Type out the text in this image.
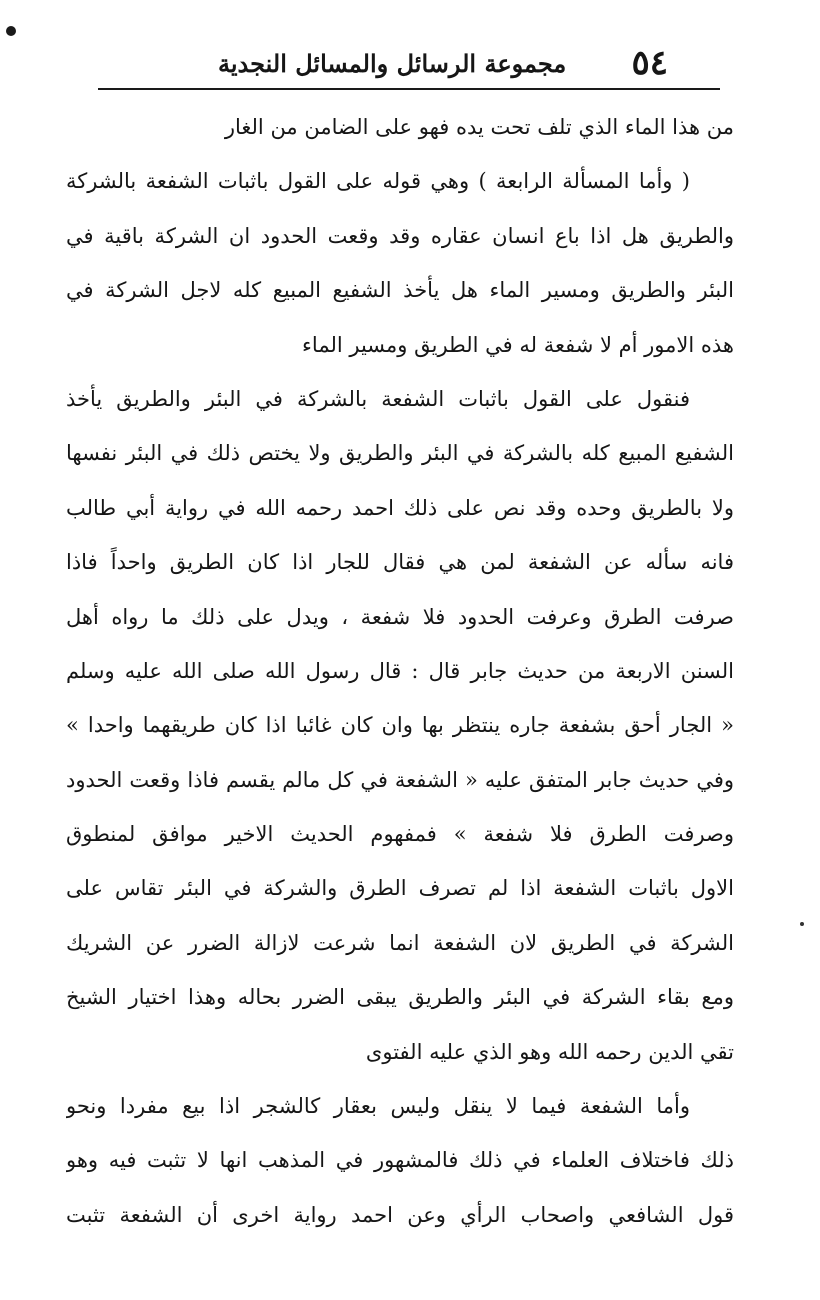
٥٤
مجموعة الرسائل والمسائل النجدية
من هذا الماء الذي تلف تحت يده فهو على الضامن من الغار
( وأما المسألة الرابعة ) وهي قوله على القول باثبات الشفعة بالشركة
والطريق هل اذا باع انسان عقاره وقد وقعت الحدود ان الشركة باقية في
البئر والطريق ومسير الماء هل يأخذ الشفيع المبيع كله لاجل الشركة في
هذه الامور أم لا شفعة له في الطريق ومسير الماء
فنقول على القول باثبات الشفعة بالشركة في البئر والطريق يأخذ
الشفيع المبيع كله بالشركة في البئر والطريق ولا يختص ذلك في البئر نفسها
ولا بالطريق وحده وقد نص على ذلك احمد رحمه الله في رواية أبي طالب
فانه سأله عن الشفعة لمن هي فقال للجار اذا كان الطريق واحداً فاذا
صرفت الطرق وعرفت الحدود فلا شفعة ، ويدل على ذلك ما رواه أهل
السنن الاربعة من حديث جابر قال : قال رسول الله صلى الله عليه وسلم
« الجار أحق بشفعة جاره ينتظر بها وان كان غائبا اذا كان طريقهما واحدا »
وفي حديث جابر المتفق عليه « الشفعة في كل مالم يقسم فاذا وقعت الحدود
وصرفت الطرق فلا شفعة » فمفهوم الحديث الاخير موافق لمنطوق
الاول باثبات الشفعة اذا لم تصرف الطرق والشركة في البئر تقاس على
الشركة في الطريق لان الشفعة انما شرعت لازالة الضرر عن الشريك
ومع بقاء الشركة في البئر والطريق يبقى الضرر بحاله وهذا اختيار الشيخ
تقي الدين رحمه الله وهو الذي عليه الفتوى
وأما الشفعة فيما لا ينقل وليس بعقار كالشجر اذا بيع مفردا ونحو
ذلك فاختلاف العلماء في ذلك فالمشهور في المذهب انها لا تثبت فيه وهو
قول الشافعي واصحاب الرأي وعن احمد رواية اخرى أن الشفعة تثبت
